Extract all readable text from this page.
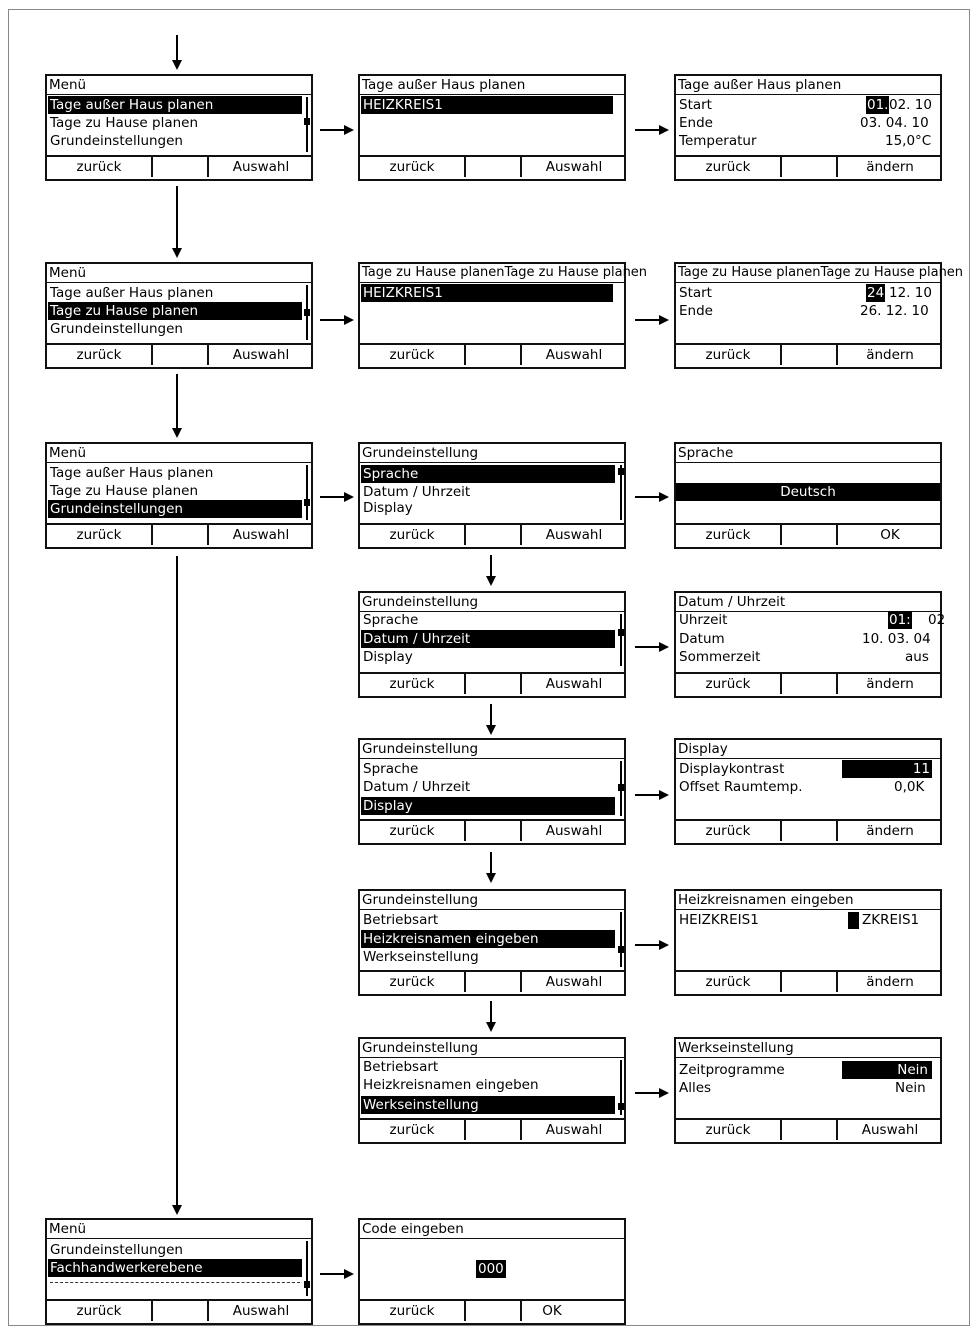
Menü
Tage außer Haus planen
Tage zu Hause planen
Grundeinstellungen
zurück	Auswahl
Tage außer Haus planen
HEIZKREIS1
zurück	Auswahl
Tage außer Haus planen
Start	01. 02. 10
Ende	03. 04. 10
Temperatur	15,0°C
zurück	ändern
Menü
Tage außer Haus planen
Tage zu Hause planen
Grundeinstellungen
zurück	Auswahl
Tage zu Hause planenTage zu Hause planen
HEIZKREIS1
zurück	Auswahl
Tage zu Hause planenTage zu Hause planen
Start	24 12. 10
Ende	26. 12. 10
zurück	ändern
Menü
Tage außer Haus planen
Tage zu Hause planen
Grundeinstellungen
zurück	Auswahl
Grundeinstellung
Sprache
Datum / Uhrzeit
Display
zurück	Auswahl
Sprache
Deutsch
zurück	OK
Grundeinstellung
Sprache
Datum / Uhrzeit
Display
zurück	Auswahl
Datum / Uhrzeit
Uhrzeit	01: 02
Datum	10. 03. 04
Sommerzeit	aus
zurück	ändern
Grundeinstellung
Sprache
Datum / Uhrzeit
Display
zurück	Auswahl
Display
Displaykontrast	11
Offset Raumtemp.	0,0K
zurück	ändern
Grundeinstellung
Betriebsart
Heizkreisnamen eingeben
Werkseinstellung
zurück	Auswahl
Heizkreisnamen eingeben
HEIZKREIS1	ZKREIS1
zurück	ändern
Grundeinstellung
Betriebsart
Heizkreisnamen eingeben
Werkseinstellung
zurück	Auswahl
Werkseinstellung
Zeitprogramme	Nein
Alles	Nein
zurück	Auswahl
Menü
Grundeinstellungen
Fachhandwerkerebene
zurück	Auswahl
Code eingeben
000
zurück	OK
